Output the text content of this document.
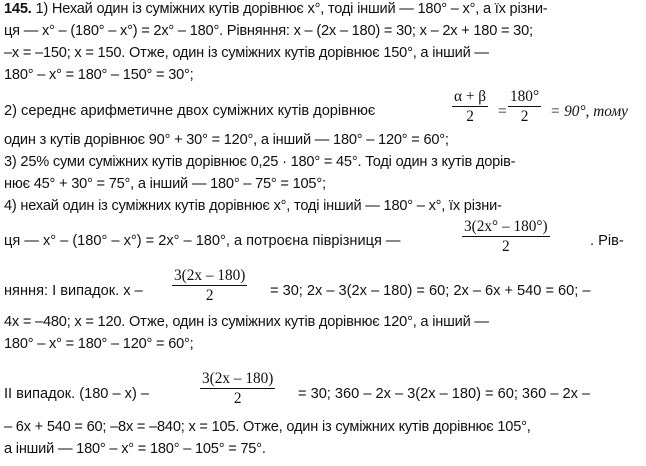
145. 1) Нехай один із суміжних кутів дорівнює x°, тоді інший — 180° – x°, а їх різни-
ця — x° – (180° – x°) = 2x° – 180°. Рівняння: x – (2x – 180) = 30; x – 2x + 180 = 30;
–x = –150; x = 150. Отже, один із суміжних кутів дорівнює 150°, а інший —
180° – x° = 180° – 150° = 30°;
2) середнє арифметичне двох суміжних кутів дорівнює
α + β
2	=
180°
2	= 90°, тому
один з кутів дорівнює 90° + 30° = 120°, а інший — 180° – 120° = 60°;
3) 25% суми суміжних кутів дорівнює 0,25 · 180° = 45°. Тоді один з кутів дорів-
нює 45° + 30° = 75°, а інший — 180° – 75° = 105°;
4) нехай один із суміжних кутів дорівнює x°, тоді інший — 180° – x°, їх різни-
ця — x° – (180° – x°) = 2x° – 180°, а потроєна піврізниця —
3(2x° – 180°)
2	. Рів-
няння: I випадок. x –
3(2x – 180)
2	= 30; 2x – 3(2x – 180) = 60; 2x – 6x + 540 = 60; –
4x = –480; x = 120. Отже, один із суміжних кутів дорівнює 120°, а інший —
180° – x° = 180° – 120° = 60°;
II випадок. (180 – x) –
3(2x – 180)
2	= 30; 360 – 2x – 3(2x – 180) = 60; 360 – 2x –
– 6x + 540 = 60; –8x = –840; x = 105. Отже, один із суміжних кутів дорівнює 105°,
а інший — 180° – x° = 180° – 105° = 75°.
